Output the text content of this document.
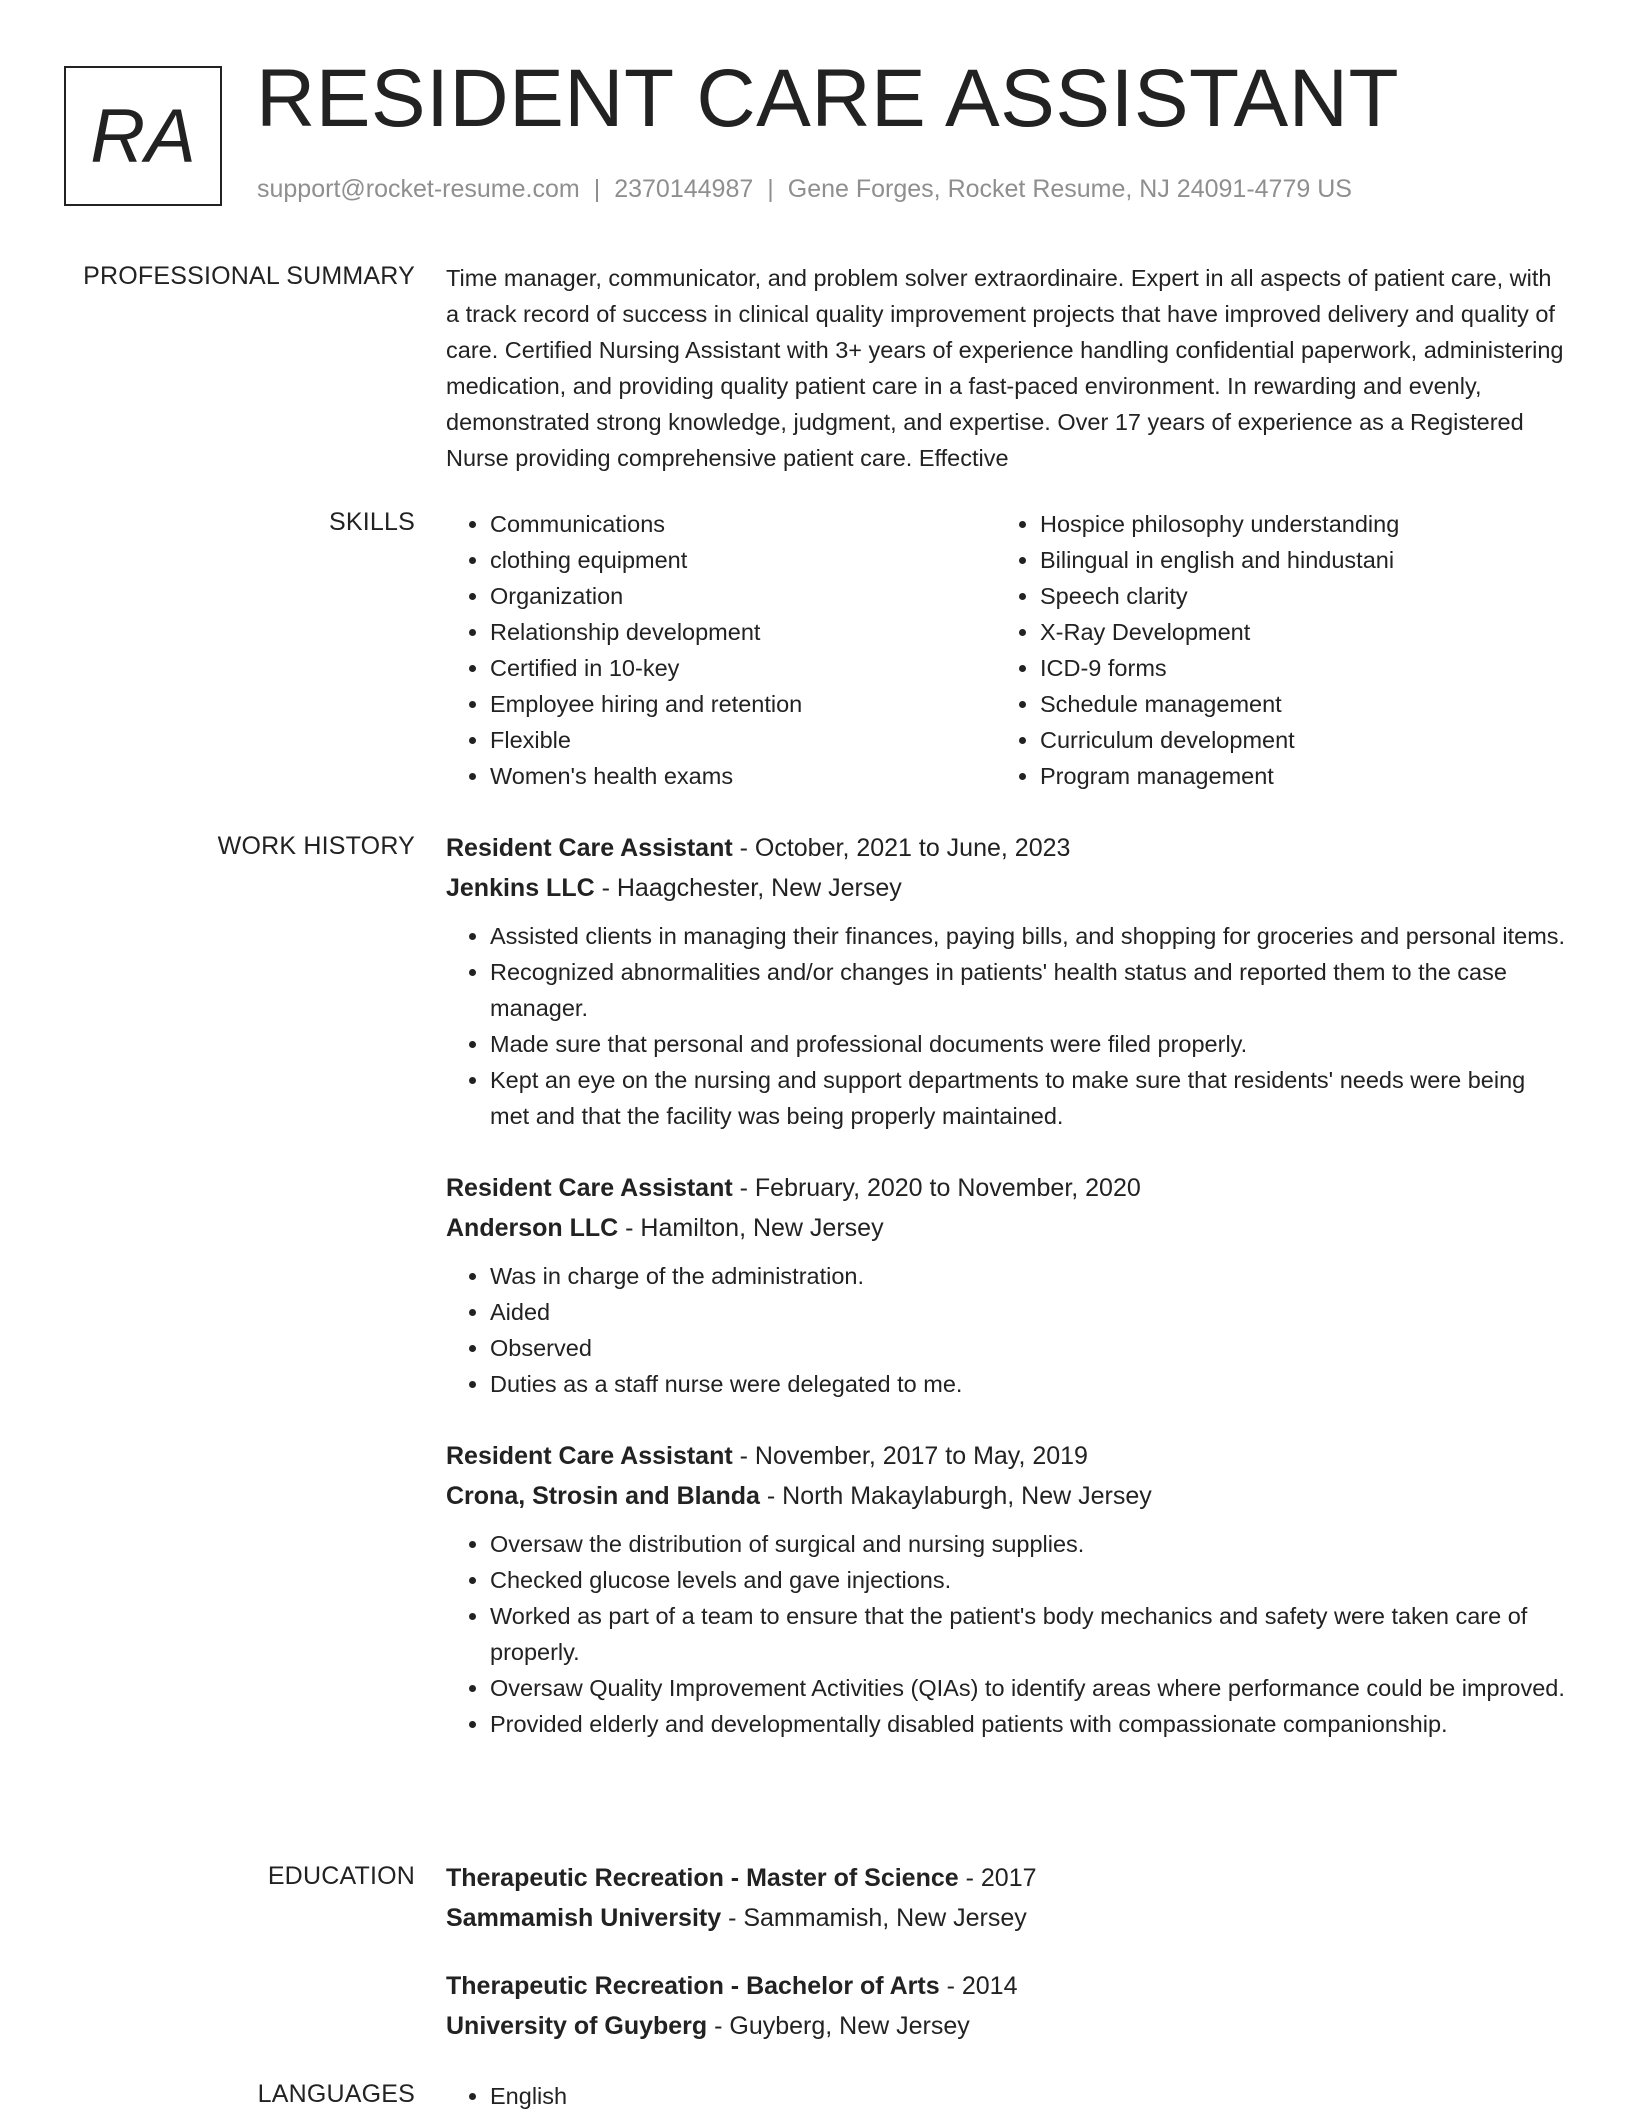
RA RESIDENT CARE ASSISTANT
support@rocket-resume.com | 2370144987 | Gene Forges, Rocket Resume, NJ 24091-4779 US
PROFESSIONAL SUMMARY Time manager, communicator, and problem solver extraordinaire. Expert in all aspects of patient care, with a track record of success in clinical quality improvement projects that have improved delivery and quality of care. Certified Nursing Assistant with 3+ years of experience handling confidential paperwork, administering medication, and providing quality patient care in a fast-paced environment. In rewarding and evenly, demonstrated strong knowledge, judgment, and expertise. Over 17 years of experience as a Registered Nurse providing comprehensive patient care. Effective

SKILLS	• Communications
• clothing equipment
• Organization
• Relationship development
• Certified in 10-key
• Employee hiring and retention
• Flexible
• Women's health exams
• Hospice philosophy understanding
• Bilingual in english and hindustani
• Speech clarity
• X-Ray Development
• ICD-9 forms
• Schedule management
• Curriculum development
• Program management
WORK HISTORY Resident Care Assistant - October, 2021 to June, 2023
Jenkins LLC - Haagchester, New Jersey
• Assisted clients in managing their finances, paying bills, and shopping for groceries and personal items.
• Recognized abnormalities and/or changes in patients' health status and reported them to the case manager.
• Made sure that personal and professional documents were filed properly.
• Kept an eye on the nursing and support departments to make sure that residents' needs were being met and that the facility was being properly maintained.
Resident Care Assistant - February, 2020 to November, 2020
Anderson LLC - Hamilton, New Jersey
• Was in charge of the administration.
• Aided
• Observed
• Duties as a staff nurse were delegated to me.
Resident Care Assistant - November, 2017 to May, 2019
Crona, Strosin and Blanda - North Makaylaburgh, New Jersey
• Oversaw the distribution of surgical and nursing supplies.
• Checked glucose levels and gave injections.
• Worked as part of a team to ensure that the patient's body mechanics and safety were taken care of properly.
• Oversaw Quality Improvement Activities (QIAs) to identify areas where performance could be improved.
• Provided elderly and developmentally disabled patients with compassionate companionship.
EDUCATION Therapeutic Recreation - Master of Science - 2017
Sammamish University - Sammamish, New Jersey
Therapeutic Recreation - Bachelor of Arts - 2014
University of Guyberg - Guyberg, New Jersey
LANGUAGES	• English
